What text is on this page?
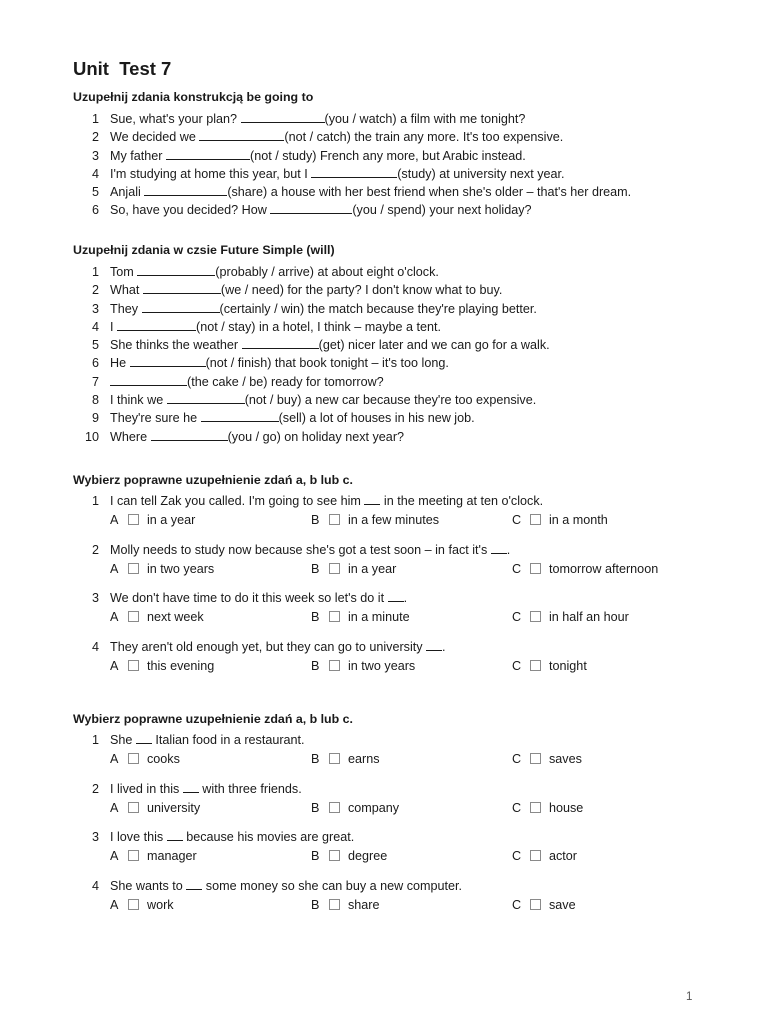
Unit  Test 7
Uzupełnij zdania konstrukcją be going to
1 Sue, what's your plan?	(you / watch) a film with me tonight?
2 We decided we	(not / catch) the train any more. It's too expensive.
3 My father	(not / study) French any more, but Arabic instead.
4 I'm studying at home this year, but I	(study) at university next year.
5 Anjali	(share) a house with her best friend when she's older – that's her dream.
6 So, have you decided? How	(you / spend) your next holiday?
Uzupełnij zdania w czsie Future Simple (will)
1 Tom	(probably / arrive) at about eight o'clock.
2 What	(we / need) for the party? I don't know what to buy.
3 They	(certainly / win) the match because they're playing better.
4 I	(not / stay) in a hotel, I think – maybe a tent.
5 She thinks the weather	(get) nicer later and we can go for a walk.
6 He	(not / finish) that book tonight – it's too long.
7	(the cake / be) ready for tomorrow?
8 I think we	(not / buy) a new car because they're too expensive.
9 They're sure he	(sell) a lot of houses in his new job.
10 Where	(you / go) on holiday next year?
Wybierz poprawne uzupełnienie zdań a, b lub c.
1 I can tell Zak you called. I'm going to see him  in the meeting at ten o'clock.
A in a year	B in a few minutes	C in a month
2 Molly needs to study now because she's got a test soon – in fact it's .
A in two years	B in a year	C tomorrow afternoon
3 We don't have time to do it this week so let's do it .
A next week	B in a minute	C in half an hour
4 They aren't old enough yet, but they can go to university .
A this evening	B in two years	C tonight
Wybierz poprawne uzupełnienie zdań a, b lub c.
1 She  Italian food in a restaurant.
A cooks	B earns	C saves
2 I lived in this  with three friends.
A university	B company	C house
3 I love this  because his movies are great.
A manager	B degree	C actor
4 She wants to  some money so she can buy a new computer.
A work	B share	C save
1
